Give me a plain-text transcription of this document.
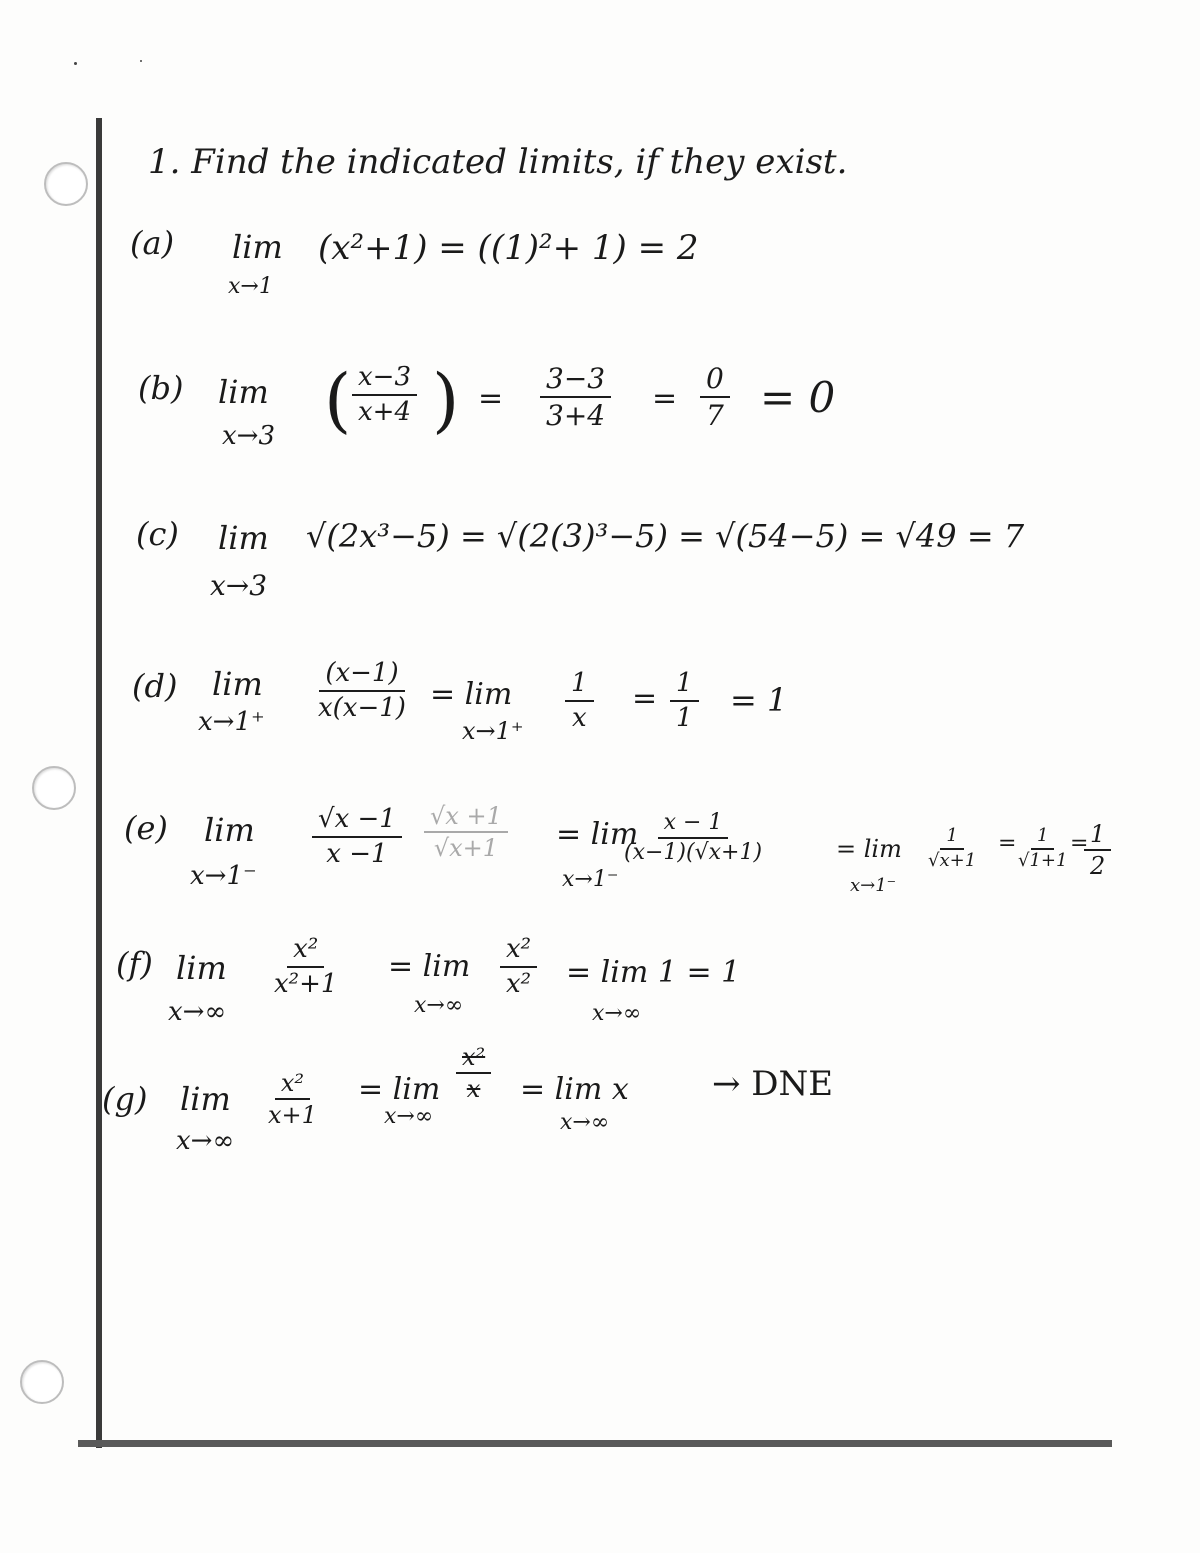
1. Find the indicated limits, if they exist.
(a) lim
x→1
(x²+1) = ((1)²+ 1) = 2
(b) lim
x→3 ( $\frac{x-3}{x+4}$ ) = $\frac{3-3}{3+4} = \frac{0}{7} = 0$
(c) lim
x→3
√(2x³−5) = √(2(3)³−5) = √(54−5) = √49 = 7
(d) lim
$x\to 1^+ \frac{(x-1)}{x(x-1)} = \lim$
$x\to 1^+ \frac{1}{x} = \frac{1}{1} = 1$
(e) lim
x→1⁻
$\frac{√x -1}{x -1} \frac{√x +1}{√x+1} = \lim$
x→1⁻
$\frac{x - 1}{(x-1)(√x+1)}$	= lim
x→1⁻
$\frac{1}{√x+1}$ =
$\frac{1}{√1+1}$
=
$\frac{1}{2}$
(f) lim
x→∞
$\frac{\text{x²}}{\text{x²+1}} = \lim$
x→∞
$\frac{\text{x²}}{\text{x²}} = \lim 1 = 1$
x→∞
(g) lim
x→∞
$\frac{\text{x²}}{x+1} = \lim$
x→∞
$\frac{\text{x²}}{x} = \lim x$
x→∞
→ DNE
